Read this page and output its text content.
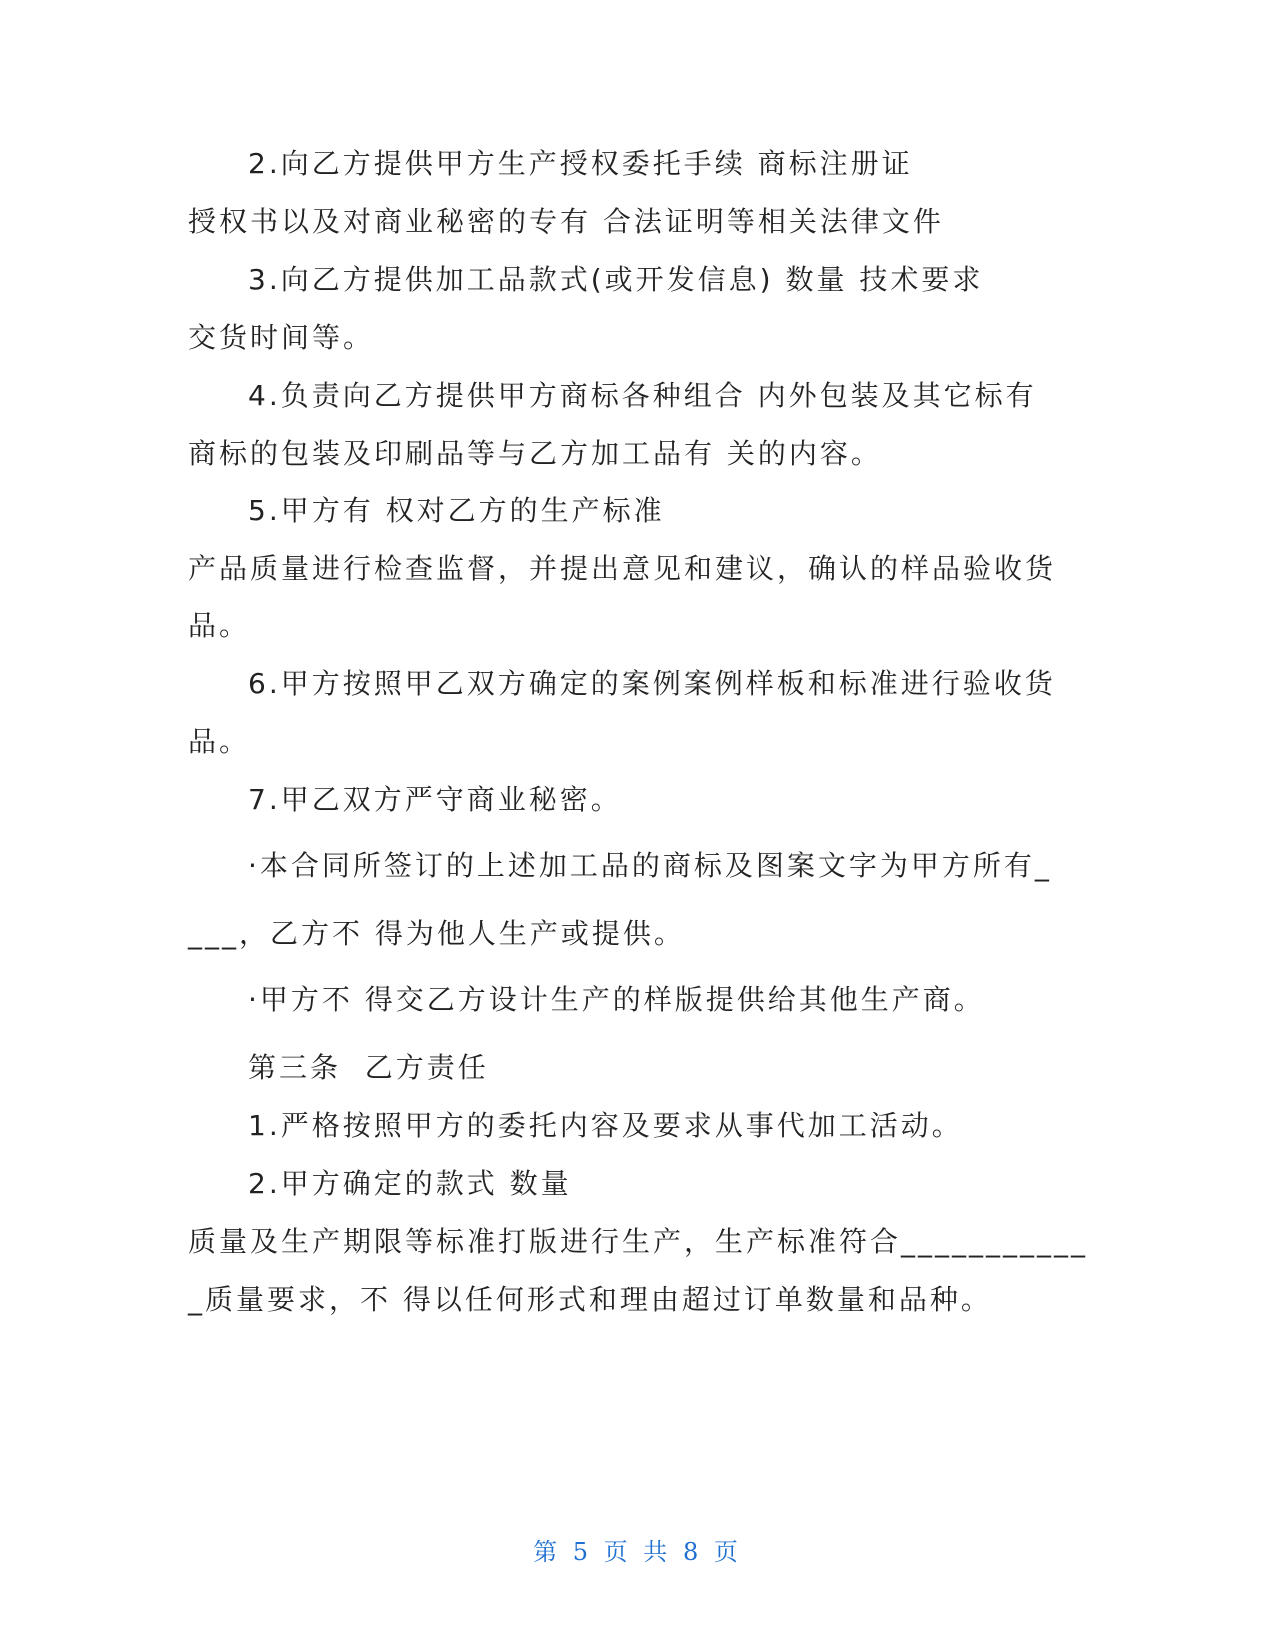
2.向乙方提供甲方生产授权委托手续 商标注册证
授权书以及对商业秘密的专有 合法证明等相关法律文件
3.向乙方提供加工品款式(或开发信息) 数量 技术要求
交货时间等。
4.负责向乙方提供甲方商标各种组合 内外包装及其它标有
商标的包装及印刷品等与乙方加工品有 关的内容。
5.甲方有 权对乙方的生产标准
产品质量进行检查监督，并提出意见和建议，确认的样品验收货
品。
6.甲方按照甲乙双方确定的案例案例样板和标准进行验收货
品。
7.甲乙双方严守商业秘密。
·本合同所签订的上述加工品的商标及图案文字为甲方所有_
___，乙方不 得为他人生产或提供。
·甲方不 得交乙方设计生产的样版提供给其他生产商。
第三条  乙方责任
1.严格按照甲方的委托内容及要求从事代加工活动。
2.甲方确定的款式 数量
质量及生产期限等标准打版进行生产，生产标准符合___________
_质量要求，不 得以任何形式和理由超过订单数量和品种。
第 5 页 共 8 页
